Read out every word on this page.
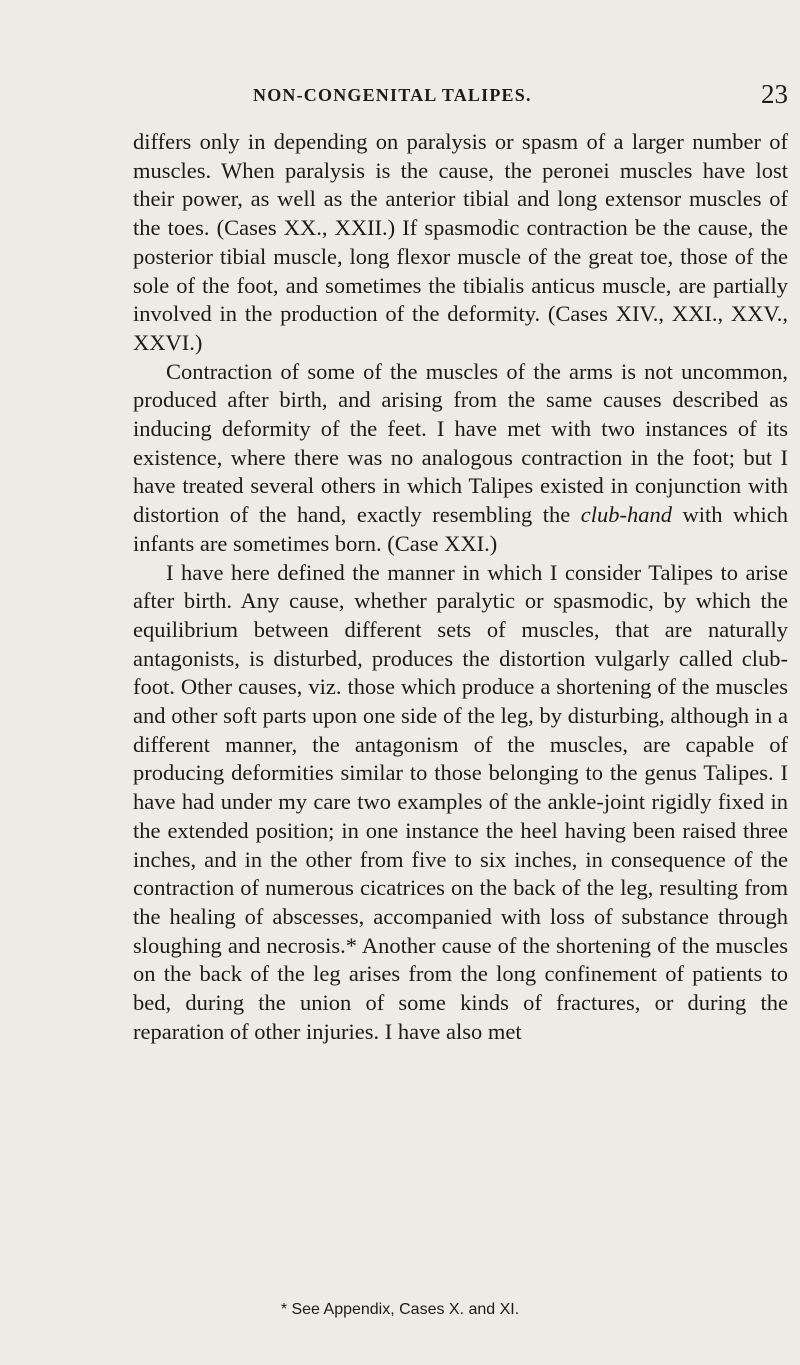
NON-CONGENITAL TALIPES.	23

differs only in depending on paralysis or spasm of a larger number of muscles. When paralysis is the cause, the peronei muscles have lost their power, as well as the anterior tibial and long extensor muscles of the toes. (Cases XX., XXII.) If spasmodic contraction be the cause, the posterior tibial muscle, long flexor muscle of the great toe, those of the sole of the foot, and sometimes the tibialis anticus muscle, are partially involved in the production of the deformity. (Cases XIV., XXI., XXV., XXVI.)

Contraction of some of the muscles of the arms is not uncommon, produced after birth, and arising from the same causes described as inducing deformity of the feet. I have met with two instances of its existence, where there was no analogous contraction in the foot; but I have treated several others in which Talipes existed in conjunction with distortion of the hand, exactly resembling the club-hand with which infants are sometimes born. (Case XXI.)

I have here defined the manner in which I consider Talipes to arise after birth. Any cause, whether paralytic or spasmodic, by which the equilibrium between different sets of muscles, that are naturally antagonists, is disturbed, produces the distortion vulgarly called club-foot. Other causes, viz. those which produce a shortening of the muscles and other soft parts upon one side of the leg, by disturbing, although in a different manner, the antagonism of the muscles, are capable of producing deformities similar to those belonging to the genus Talipes. I have had under my care two examples of the ankle-joint rigidly fixed in the extended position; in one instance the heel having been raised three inches, and in the other from five to six inches, in consequence of the contraction of numerous cicatrices on the back of the leg, resulting from the healing of abscesses, accompanied with loss of substance through sloughing and necrosis.* Another cause of the shortening of the muscles on the back of the leg arises from the long confinement of patients to bed, during the union of some kinds of fractures, or during the reparation of other injuries. I have also met

* See Appendix, Cases X. and XI.
